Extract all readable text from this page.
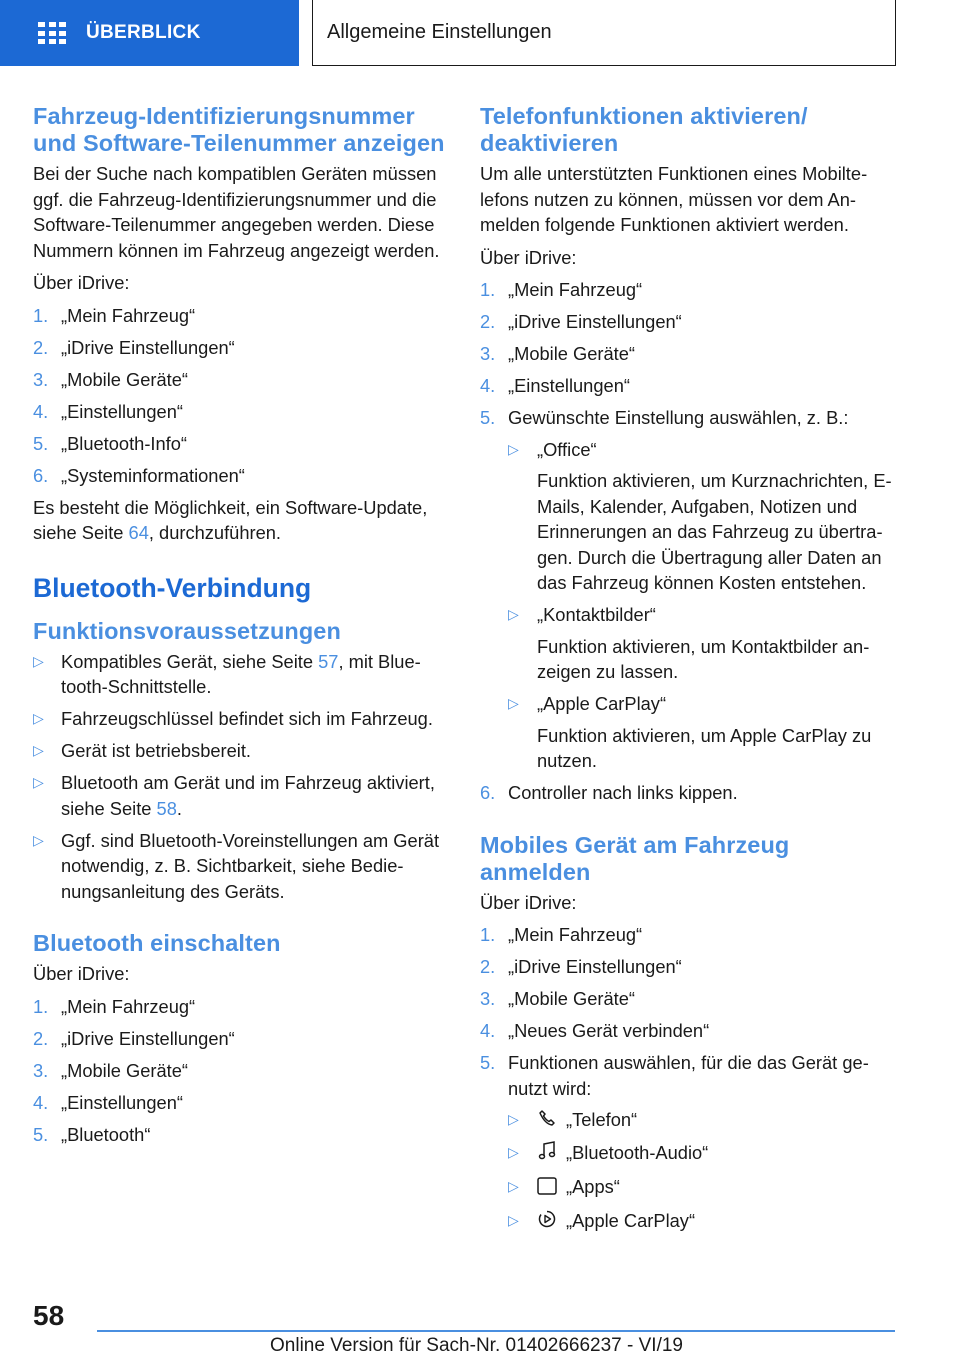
ÜBERBLICK	Allgemeine Einstellungen
Fahrzeug-Identifizierungsnummer und Software-Teilenummer anzeigen

Bei der Suche nach kompatiblen Geräten müssen ggf. die Fahrzeug-Identifizierungsnummer und die Software-Teilenummer angegeben werden. Diese Nummern können im Fahrzeug angezeigt werden.

Über iDrive:

1. „Mein Fahrzeug“
2. „iDrive Einstellungen“
3. „Mobile Geräte“
4. „Einstellungen“
5. „Bluetooth-Info“
6. „Systeminformationen“

Es besteht die Möglichkeit, ein Software-Update, siehe Seite 64, durchzuführen.

Bluetooth-Verbindung
Funktionsvoraussetzungen
▷ Kompatibles Gerät, siehe Seite 57, mit Bluetooth-Schnittstelle.
▷ Fahrzeugschlüssel befindet sich im Fahrzeug.
▷ Gerät ist betriebsbereit.
▷ Bluetooth am Gerät und im Fahrzeug aktiviert, siehe Seite 58.
▷ Ggf. sind Bluetooth-Voreinstellungen am Gerät notwendig, z. B. Sichtbarkeit, siehe Bedienungsanleitung des Geräts.
Bluetooth einschalten

Über iDrive:

1. „Mein Fahrzeug“
2. „iDrive Einstellungen“
3. „Mobile Geräte“
4. „Einstellungen“
5. „Bluetooth“
Telefonfunktionen aktivieren/ deaktivieren

Um alle unterstützten Funktionen eines Mobiltelefons nutzen zu können, müssen vor dem Anmelden folgende Funktionen aktiviert werden.

Über iDrive:

1. „Mein Fahrzeug“
2. „iDrive Einstellungen“
3. „Mobile Geräte“
4. „Einstellungen“
5. Gewünschte Einstellung auswählen, z. B.:
▷ „Office“
Funktion aktivieren, um Kurznachrichten, E-Mails, Kalender, Aufgaben, Notizen und Erinnerungen an das Fahrzeug zu übertragen. Durch die Übertragung aller Daten an das Fahrzeug können Kosten entstehen.
▷ „Kontaktbilder“
Funktion aktivieren, um Kontaktbilder anzeigen zu lassen.
▷ „Apple CarPlay“
Funktion aktivieren, um Apple CarPlay zu nutzen.
6. Controller nach links kippen.
Mobiles Gerät am Fahrzeug anmelden

Über iDrive:

1. „Mein Fahrzeug“
2. „iDrive Einstellungen“
3. „Mobile Geräte“
4. „Neues Gerät verbinden“
5. Funktionen auswählen, für die das Gerät genutzt wird:
▷	„Telefon“
▷	„Bluetooth-Audio“
▷	„Apps“
▷	„Apple CarPlay“
58
Online Version für Sach-Nr. 01402666237 - VI/19
